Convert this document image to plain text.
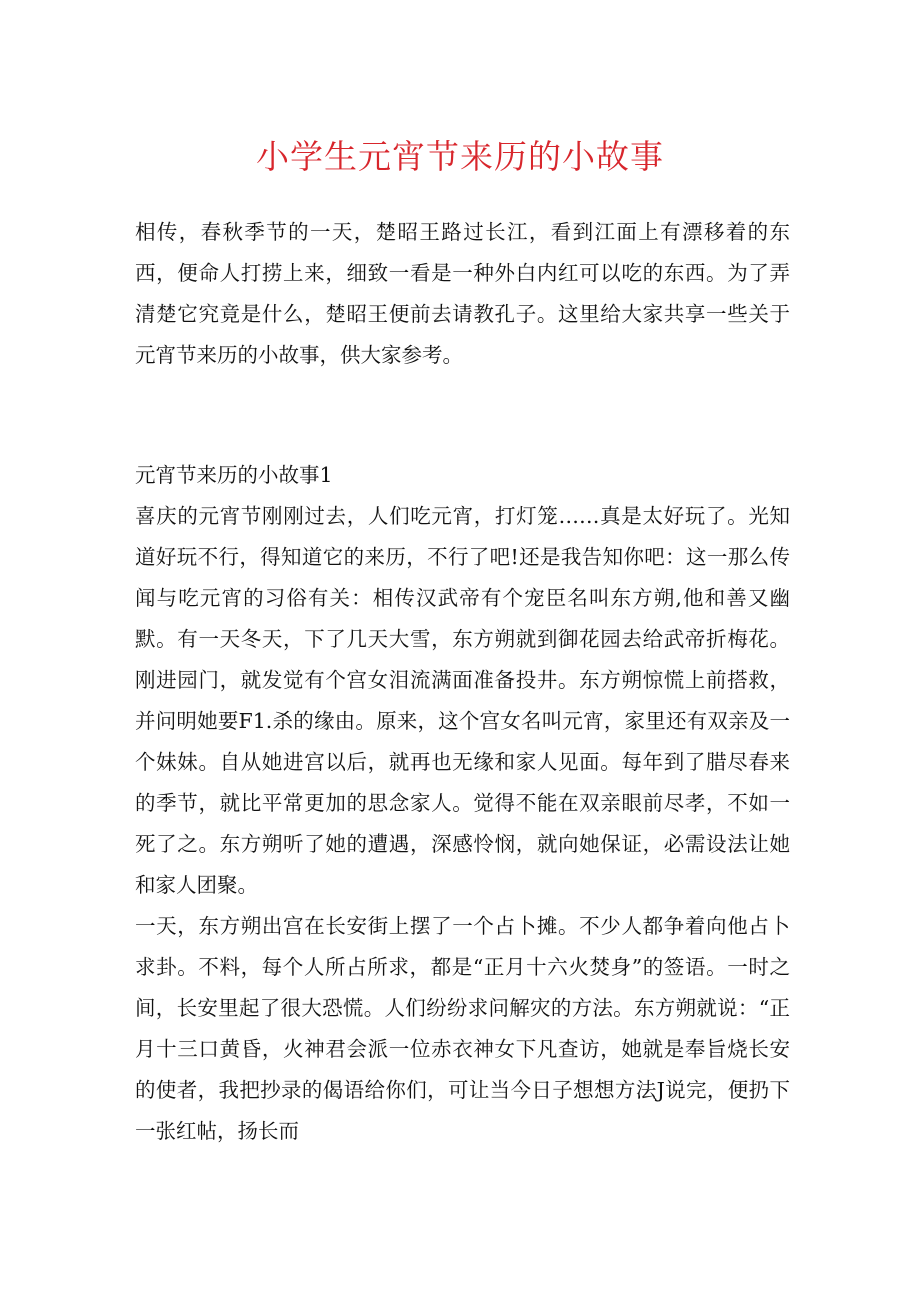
小学生元宵节来历的小故事

相传，春秋季节的一天，楚昭王路过长江，看到江面上有漂移着的东西，便命人打捞上来，细致一看是一种外白内红可以吃的东西。为了弄清楚它究竟是什么，楚昭王便前去请教孔子。这里给大家共享一些关于元宵节来历的小故事，供大家参考。

元宵节来历的小故事1

喜庆的元宵节刚刚过去，人们吃元宵，打灯笼……真是太好玩了。光知道好玩不行，得知道它的来历，不行了吧!还是我告知你吧：这一那么传闻与吃元宵的习俗有关：相传汉武帝有个宠臣名叫东方朔,他和善又幽默。有一天冬天，下了几天大雪，东方朔就到御花园去给武帝折梅花。刚进园门，就发觉有个宫女泪流满面准备投井。东方朔惊慌上前搭救，并问明她要F1.杀的缘由。原来，这个宫女名叫元宵，家里还有双亲及一个妹妹。自从她进宫以后，就再也无缘和家人见面。每年到了腊尽春来的季节，就比平常更加的思念家人。觉得不能在双亲眼前尽孝，不如一死了之。东方朔听了她的遭遇，深感怜悯，就向她保证，必需设法让她和家人团聚。

一天，东方朔出宫在长安街上摆了一个占卜摊。不少人都争着向他占卜求卦。不料，每个人所占所求，都是“正月十六火焚身”的签语。一时之间，长安里起了很大恐慌。人们纷纷求问解灾的方法。东方朔就说：“正月十三口黄昏，火神君会派一位赤衣神女下凡查访，她就是奉旨烧长安的使者，我把抄录的偈语给你们，可让当今日子想想方法J说完，便扔下一张红帖，扬长而
